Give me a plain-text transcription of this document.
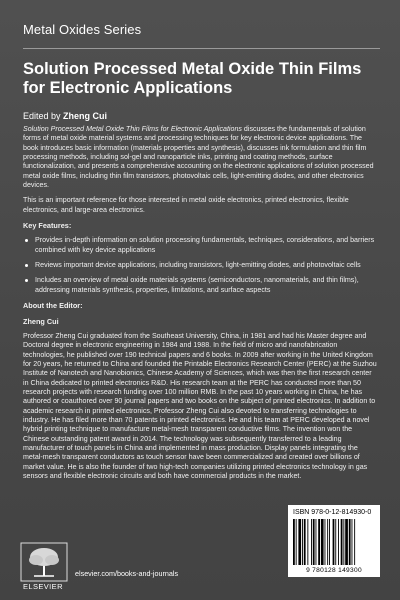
Metal Oxides Series
Solution Processed Metal Oxide Thin Films
for Electronic Applications
Edited by Zheng Cui

Solution Processed Metal Oxide Thin Films for Electronic Applications discusses the fundamentals of solution forms of metal oxide material systems and processing techniques for key electronic device applications. The book introduces basic information (materials properties and synthesis), discusses ink formulation and thin film processing methods, including sol-gel and nanoparticle inks, printing and coating methods, surface functionalization, and presents a comprehensive accounting on the electronic applications of solution processed metal oxide films, including thin film transistors, photovoltaic cells, light-emitting diodes, and other electronics devices.

This is an important reference for those interested in metal oxide electronics, printed electronics, flexible electronics, and large-area electronics.

Key Features:
Provides in-depth information on solution processing fundamentals, techniques, considerations, and barriers combined with key device applications
Reviews important device applications, including transistors, light-emitting diodes, and photovoltaic cells
Includes an overview of metal oxide materials systems (semiconductors, nanomaterials, and thin films), addressing materials synthesis, properties, limitations, and surface aspects
About the Editor:
Zheng Cui

Professor Zheng Cui graduated from the Southeast University, China, in 1981 and had his Master degree and Doctoral degree in electronic engineering in 1984 and 1988. In the field of micro and nanofabrication technologies, he published over 190 technical papers and 6 books. In 2009 after working in the United Kingdom for 20 years, he returned to China and founded the Printable Electronics Research Center (PERC) at the Suzhou Institute of Nanotech and Nanobionics, Chinese Academy of Sciences, which was then the first research center in China dedicated to printed electronics R&D. His research team at the PERC has conducted more than 50 research projects with research funding over 100 million RMB. In the past 10 years working in China, he has authored or coauthored over 90 journal papers and two books on the subject of printed electronics. In addition to academic research in printed electronics, Professor Zheng Cui also devoted to transferring technologies to industry. He has filed more than 70 patents in printed electronics. He and his team at PERC developed a novel hybrid printing technique to manufacture metal-mesh transparent conductive films. The invention won the Chinese outstanding patent award in 2014. The technology was subsequently transferred to a leading manufacturer of touch panels in China and implemented in mass production. Display panels integrating the metal-mesh transparent conductors as touch sensor have been commercialized and created over billions of market value. He is also the founder of two high-tech companies utilizing printed electronics technology in gas sensors and flexible electronic circuits and both have commercial products in the market.

ISBN 978-0-12-814930-0
9 780128 149300
ELSEVIER
elsevier.com/books-and-journals
